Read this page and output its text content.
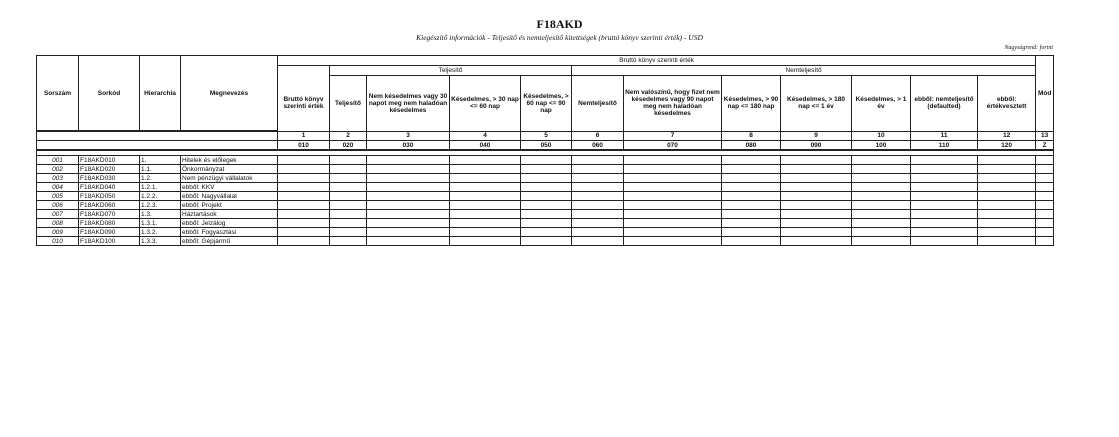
F18AKD
Kiegészítő információk - Teljesítő és nemteljesítő kitettségek (bruttó könyv szerinti érték) - USD
Nagyságrend: forint
Sorszám	Sorkód	Hierarchia	Megnevezés	Bruttó könyv szerinti érték												Mód
					Teljesítő				Nemteljesítő							
				Bruttó könyv szerinti érték	Teljesítő	Nem késedelmes vagy 30 napot meg nem haladóan késedelmes	Késedelmes, > 30 nap <= 60 nap	Késedelmes, > 60 nap <= 90 nap	Nemteljesítő	Nem valószínű, hogy fizet nem késedelmes vagy 90 napot meg nem haladóan késedelmes	Késedelmes, > 90 nap <= 180 nap	Késedelmes, > 180 nap <= 1 év	Késedelmes, > 1 év	ebből: nemteljesítő (defaulted)	ebből: értékvesztett	
				1	2	3	4	5	6	7	8	9	10	11	12	13
				010	020	030	040	050	060	070	080	090	100	110	120	Z

001	F18AKD010	1.	Hitelek és előlegek													
002	F18AKD020	1.1.	Önkormányzat													
003	F18AKD030	1.2.	Nem pénzügyi vállalatok													
004	F18AKD040	1.2.1.	ebből: KKV													
005	F18AKD050	1.2.2.	ebből: Nagyvállalat													
006	F18AKD060	1.2.3.	ebből: Projekt													
007	F18AKD070	1.3.	Háztartások													
008	F18AKD080	1.3.1.	ebből: Jelzálog													
009	F18AKD090	1.3.2.	ebből: Fogyasztási													
010	F18AKD100	1.3.3.	ebből: Gépjármű													
